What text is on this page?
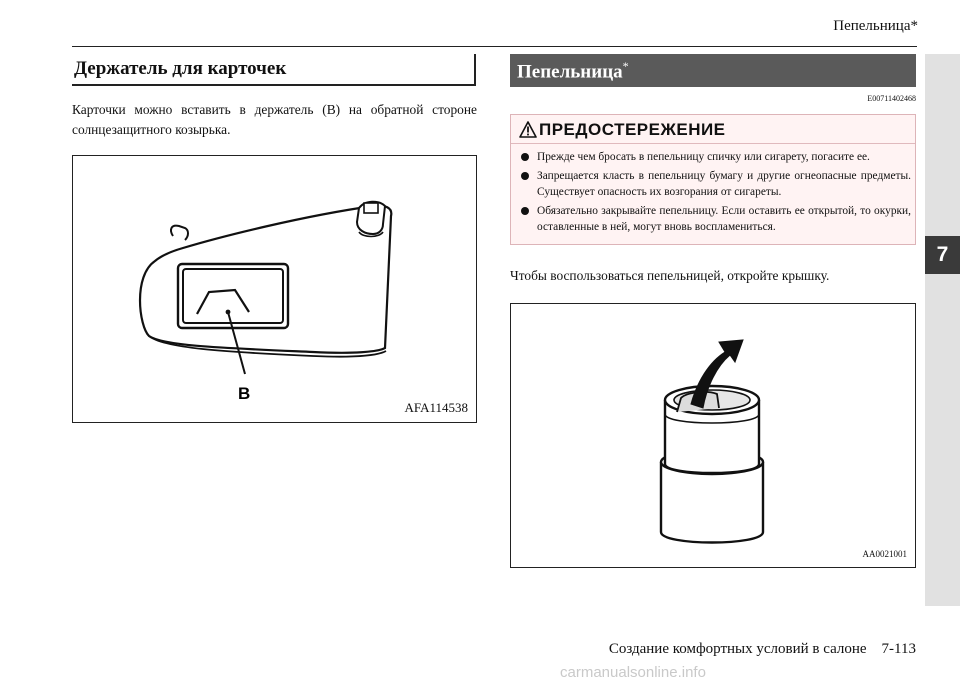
Пепельница*
7
Держатель для карточек
Карточки можно вставить в держатель (B) на обратной стороне солнцезащитного козырька.
B
AFA114538
Пепельница*
E00711402468
ПРЕДОСТЕРЕЖЕНИЕ
Прежде чем бросать в пепельницу спичку или сигарету, погасите ее.
Запрещается класть в пепельницу бумагу и другие огнеопасные предметы. Существует опасность их возгорания от сигареты.
Обязательно закрывайте пепельницу. Если оставить ее открытой, то окурки, оставленные в ней, могут вновь воспламениться.
Чтобы воспользоваться пепельницей, откройте крышку.
AA0021001
Создание комфортных условий в салоне    7-113
carmanualsonline.info
